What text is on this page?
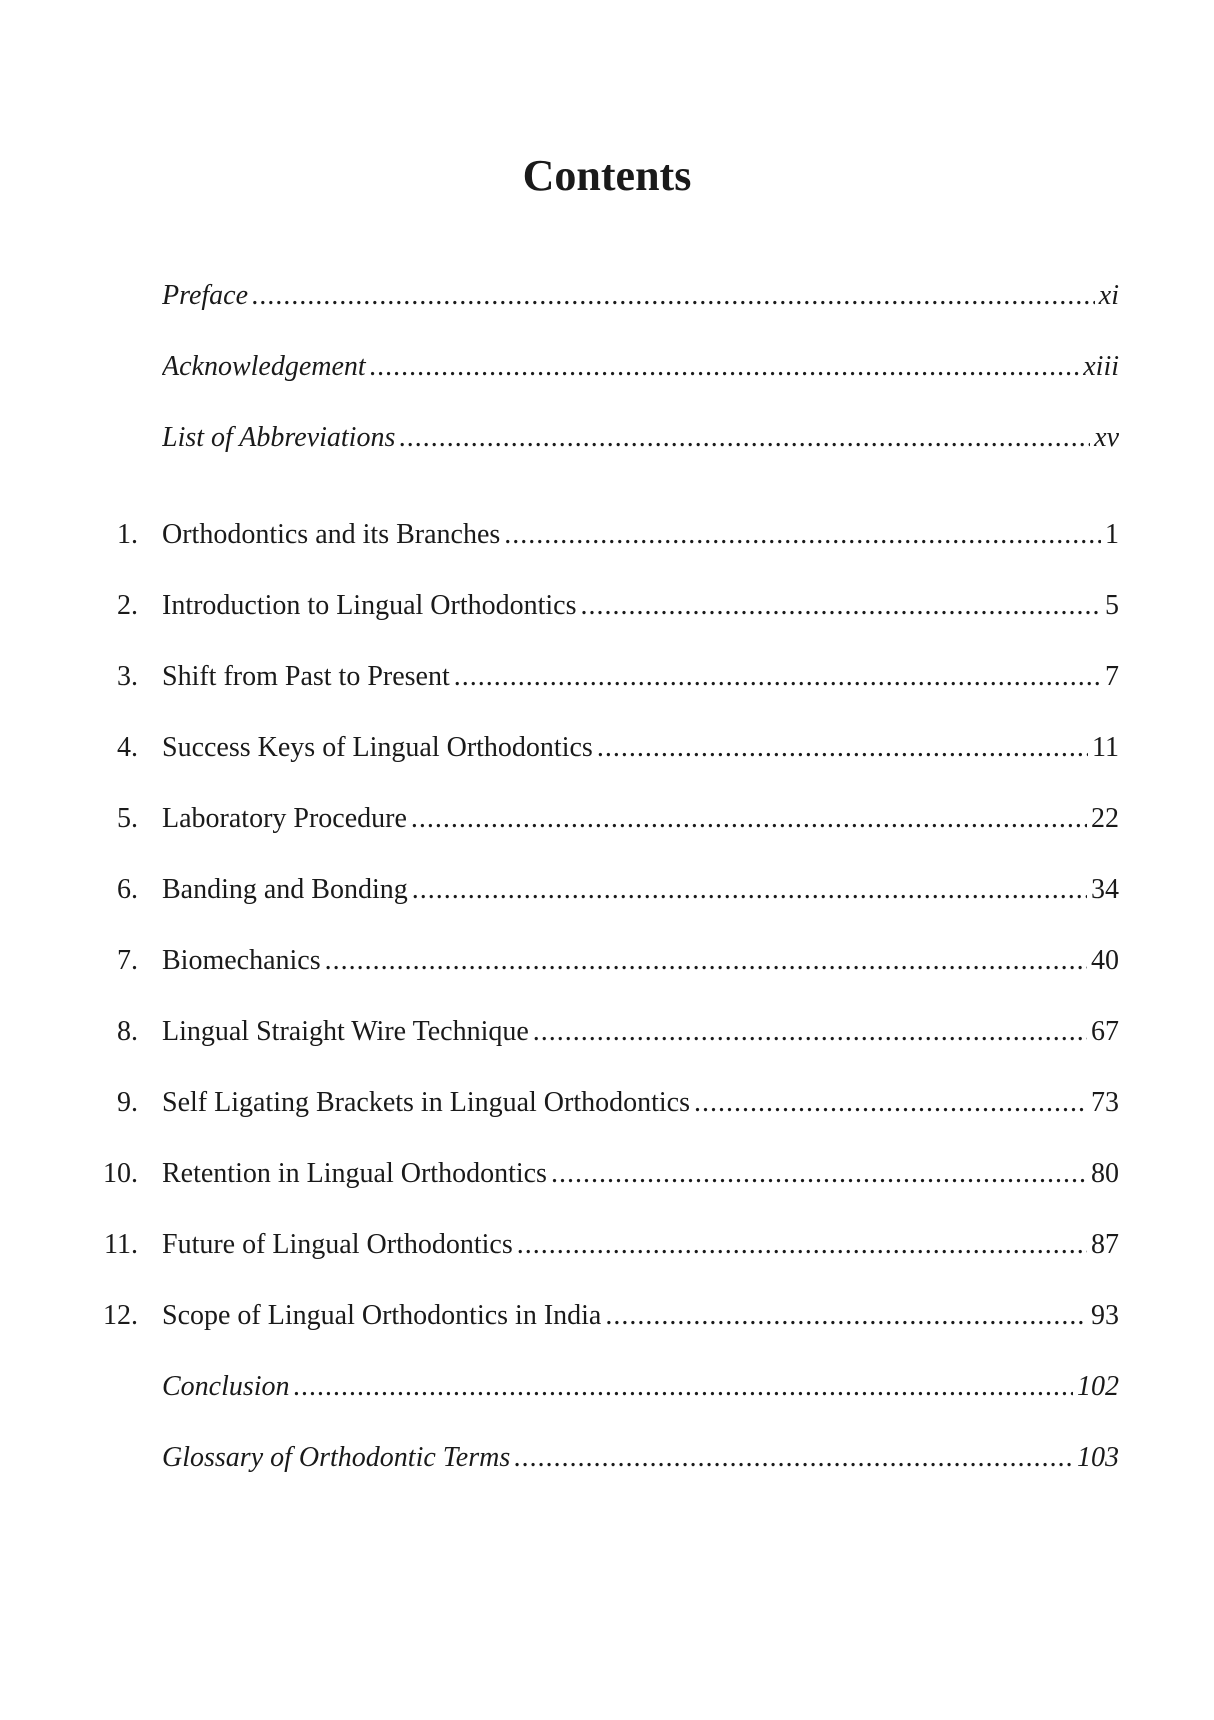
Contents
Preface .....	xi
Acknowledgement .....	xiii
List of Abbreviations .....	xv
1. Orthodontics and its Branches .....	1
2. Introduction to Lingual Orthodontics .....	5
3. Shift from Past to Present .....	7
4. Success Keys of Lingual Orthodontics .....	11
5. Laboratory Procedure .....	22
6. Banding and Bonding .....	34
7. Biomechanics .....	40
8. Lingual Straight Wire Technique .....	67
9. Self Ligating Brackets in Lingual Orthodontics .....	73
10. Retention in Lingual Orthodontics .....	80
11. Future of Lingual Orthodontics .....	87
12. Scope of Lingual Orthodontics in India .....	93
Conclusion .....	102
Glossary of Orthodontic Terms .....	103
